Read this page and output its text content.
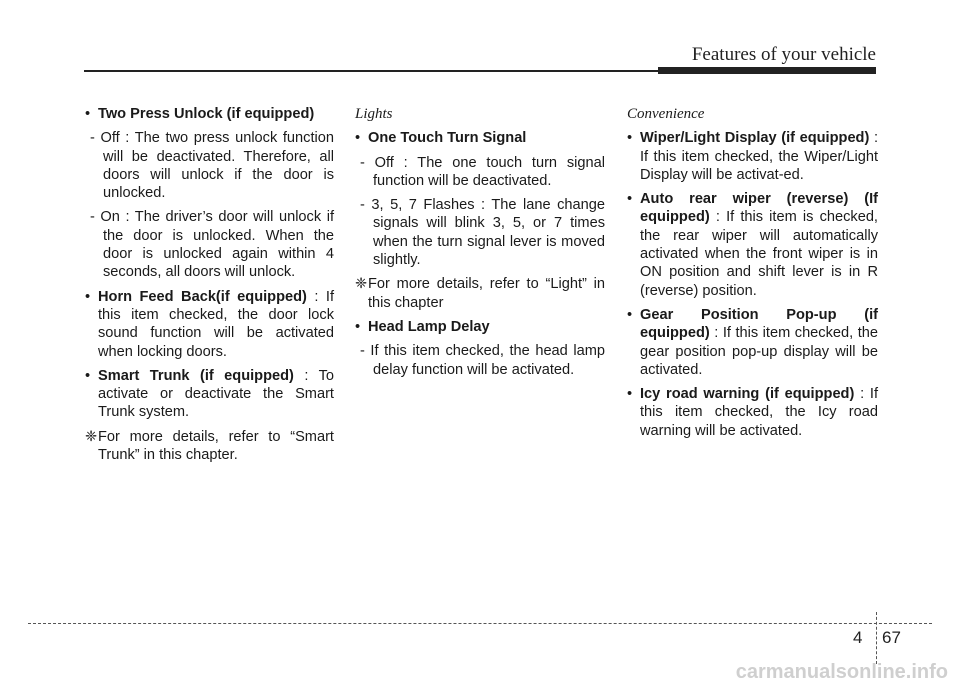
Features of your vehicle

• Two Press Unlock (if equipped)

- Off : The two press unlock function will be deactivated. Therefore, all doors will unlock if the door is unlocked.

- On : The driver’s door will unlock if the door is unlocked. When the door is unlocked again within 4 seconds, all doors will unlock.

• Horn Feed Back(if equipped) : If this item checked, the door lock sound function will be activated when locking doors.

• Smart Trunk (if equipped) : To activate or deactivate the Smart Trunk system.

❈For more details, refer to “Smart Trunk” in this chapter.

Lights

• One Touch Turn Signal

- Off : The one touch turn signal function will be deactivated.

- 3, 5, 7 Flashes : The lane change signals will blink 3, 5, or 7 times when the turn signal lever is moved slightly.

❈For more details, refer to “Light” in this chapter

• Head Lamp Delay

- If this item checked, the head lamp delay function will be activated.

Convenience

• Wiper/Light Display (if equipped) : If this item checked, the Wiper/Light Display will be activat-ed.

• Auto rear wiper (reverse) (If equipped) : If this item is checked, the rear wiper will automatically activated when the front wiper is in ON position and shift lever is in R (reverse) position.

• Gear Position Pop-up (if equipped) : If this item checked, the gear position pop-up display will be activated.

• Icy road warning (if equipped) : If this item checked, the Icy road warning will be activated.

4 67
carmanualsonline.info
